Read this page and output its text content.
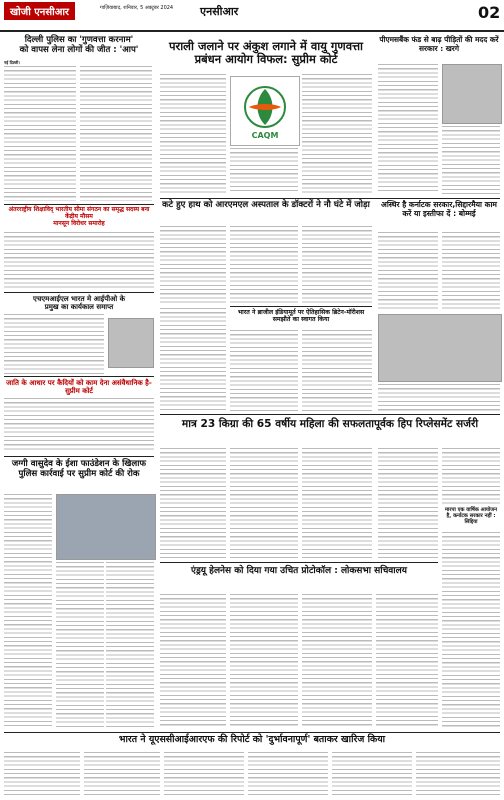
खोजी एनसीआर	गाज़ियाबाद, शनिवार, 5 अक्टूबर 2024 एनसीआर	02
दिल्ली पुलिस का 'गुणवत्ता करनाम'
को वापस लेना लोगों की जीत : 'आप'
नई दिल्ली।
अंतरराष्ट्रीय शिक्षाविद् भारतीय सीमा संगठन का समृद्ध सदस्य बना केंद्रीय मौसम
मानसून विरोधर समारोह
एचएमआईएल भारत मे आईपीओ के
प्रमुख का कार्यकाल समाप्त
जाति के आधार पर कैदियों को काम देना असंवैधानिक है- सुप्रीम कोर्ट
पराली जलाने पर अंकुश लगाने में वायु गुणवत्ता प्रबंधन आयोग विफल: सुप्रीम कोर्ट
CAQM
पीएमसबैंक फंड से बाढ़ पीड़ितों की मदद करें सरकार : खरगे
कटे हुए हाथ को आरएमएल अस्पताल के डॉक्टरों ने नौ घंटे में जोड़ा	अस्थिर है कर्नाटक सरकार,सिद्दारमैया काम करें या इस्तीफा दें : बोम्मई
भारत ने ब्राजील इंडियामूर्त पर ऐतिहासिक ब्रिटेन-मॉरीशस समझौते का स्वागत किया
मात्र 23 किग्रा की 65 वर्षीय महिला की सफलतापूर्वक हिप रिप्लेसमेंट सर्जरी
मारपा एक वार्षिक आयोजन है, कर्नाटक सरकार नहीं : सिद्दिया
जग्गी वासुदेव के ईशा फाउंडेशन के खिलाफ पुलिस कार्रवाई पर सुप्रीम कोर्ट की रोक
एंड्रयू हेलनेस को दिया गया उचित प्रोटोकॉल : लोकसभा सचिवालय
भारत ने यूएससीआईआरएफ की रिपोर्ट को 'दुर्भावनापूर्ण' बताकर खारिज किया
